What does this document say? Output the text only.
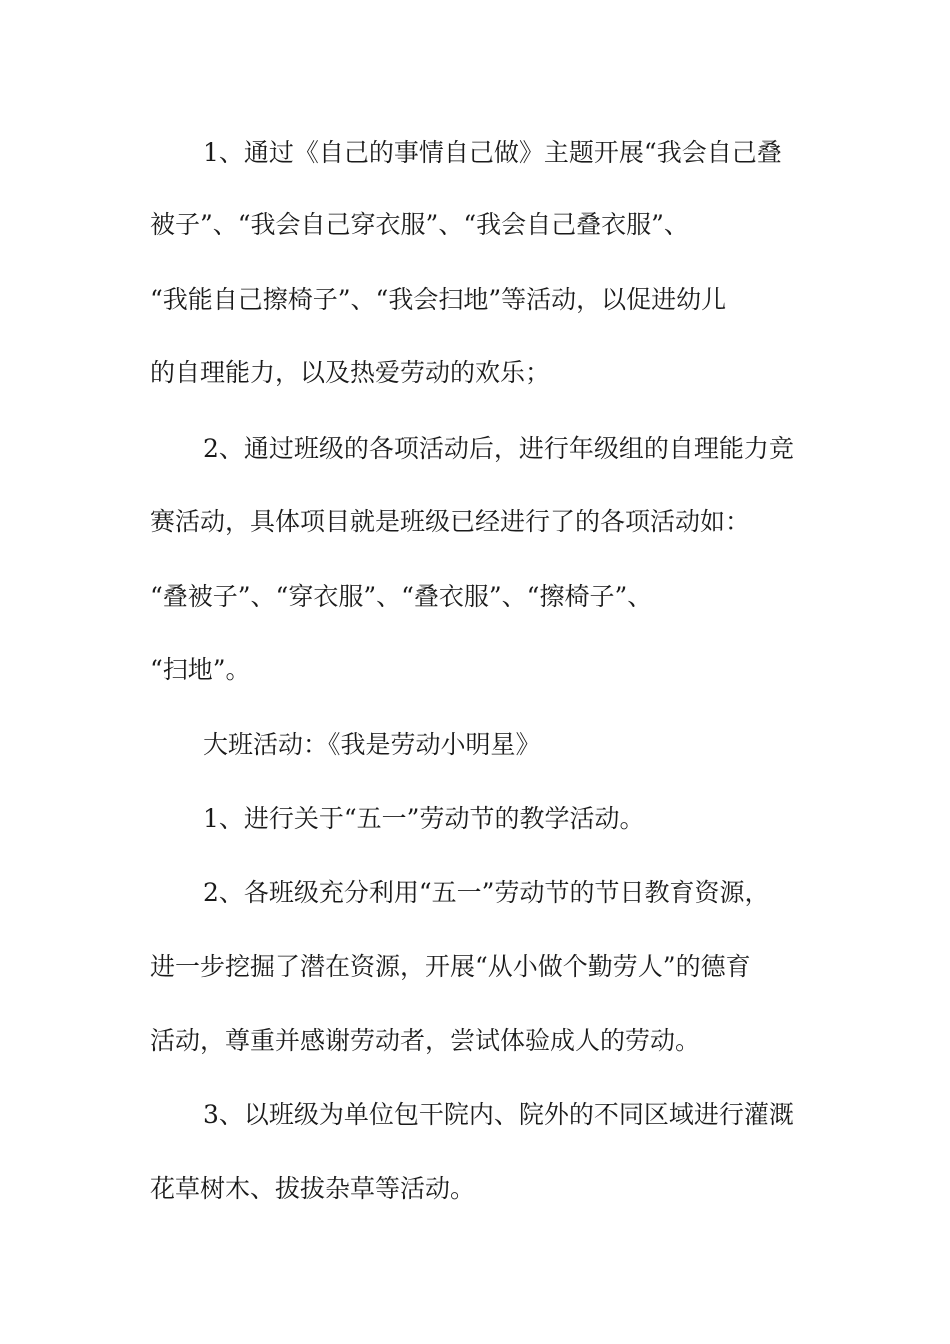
1、通过《自己的事情自己做》主题开展“我会自己叠
被子”、“我会自己穿衣服”、“我会自己叠衣服”、
“我能自己擦椅子”、“我会扫地”等活动，以促进幼儿
的自理能力，以及热爱劳动的欢乐；
2、通过班级的各项活动后，进行年级组的自理能力竞
赛活动，具体项目就是班级已经进行了的各项活动如：
“叠被子”、“穿衣服”、“叠衣服”、“擦椅子”、
“扫地”。
大班活动：《我是劳动小明星》
1、进行关于“五一”劳动节的教学活动。
2、各班级充分利用“五一”劳动节的节日教育资源，
进一步挖掘了潜在资源，开展“从小做个勤劳人”的德育
活动，尊重并感谢劳动者，尝试体验成人的劳动。
3、以班级为单位包干院内、院外的不同区域进行灌溉
花草树木、拔拔杂草等活动。
